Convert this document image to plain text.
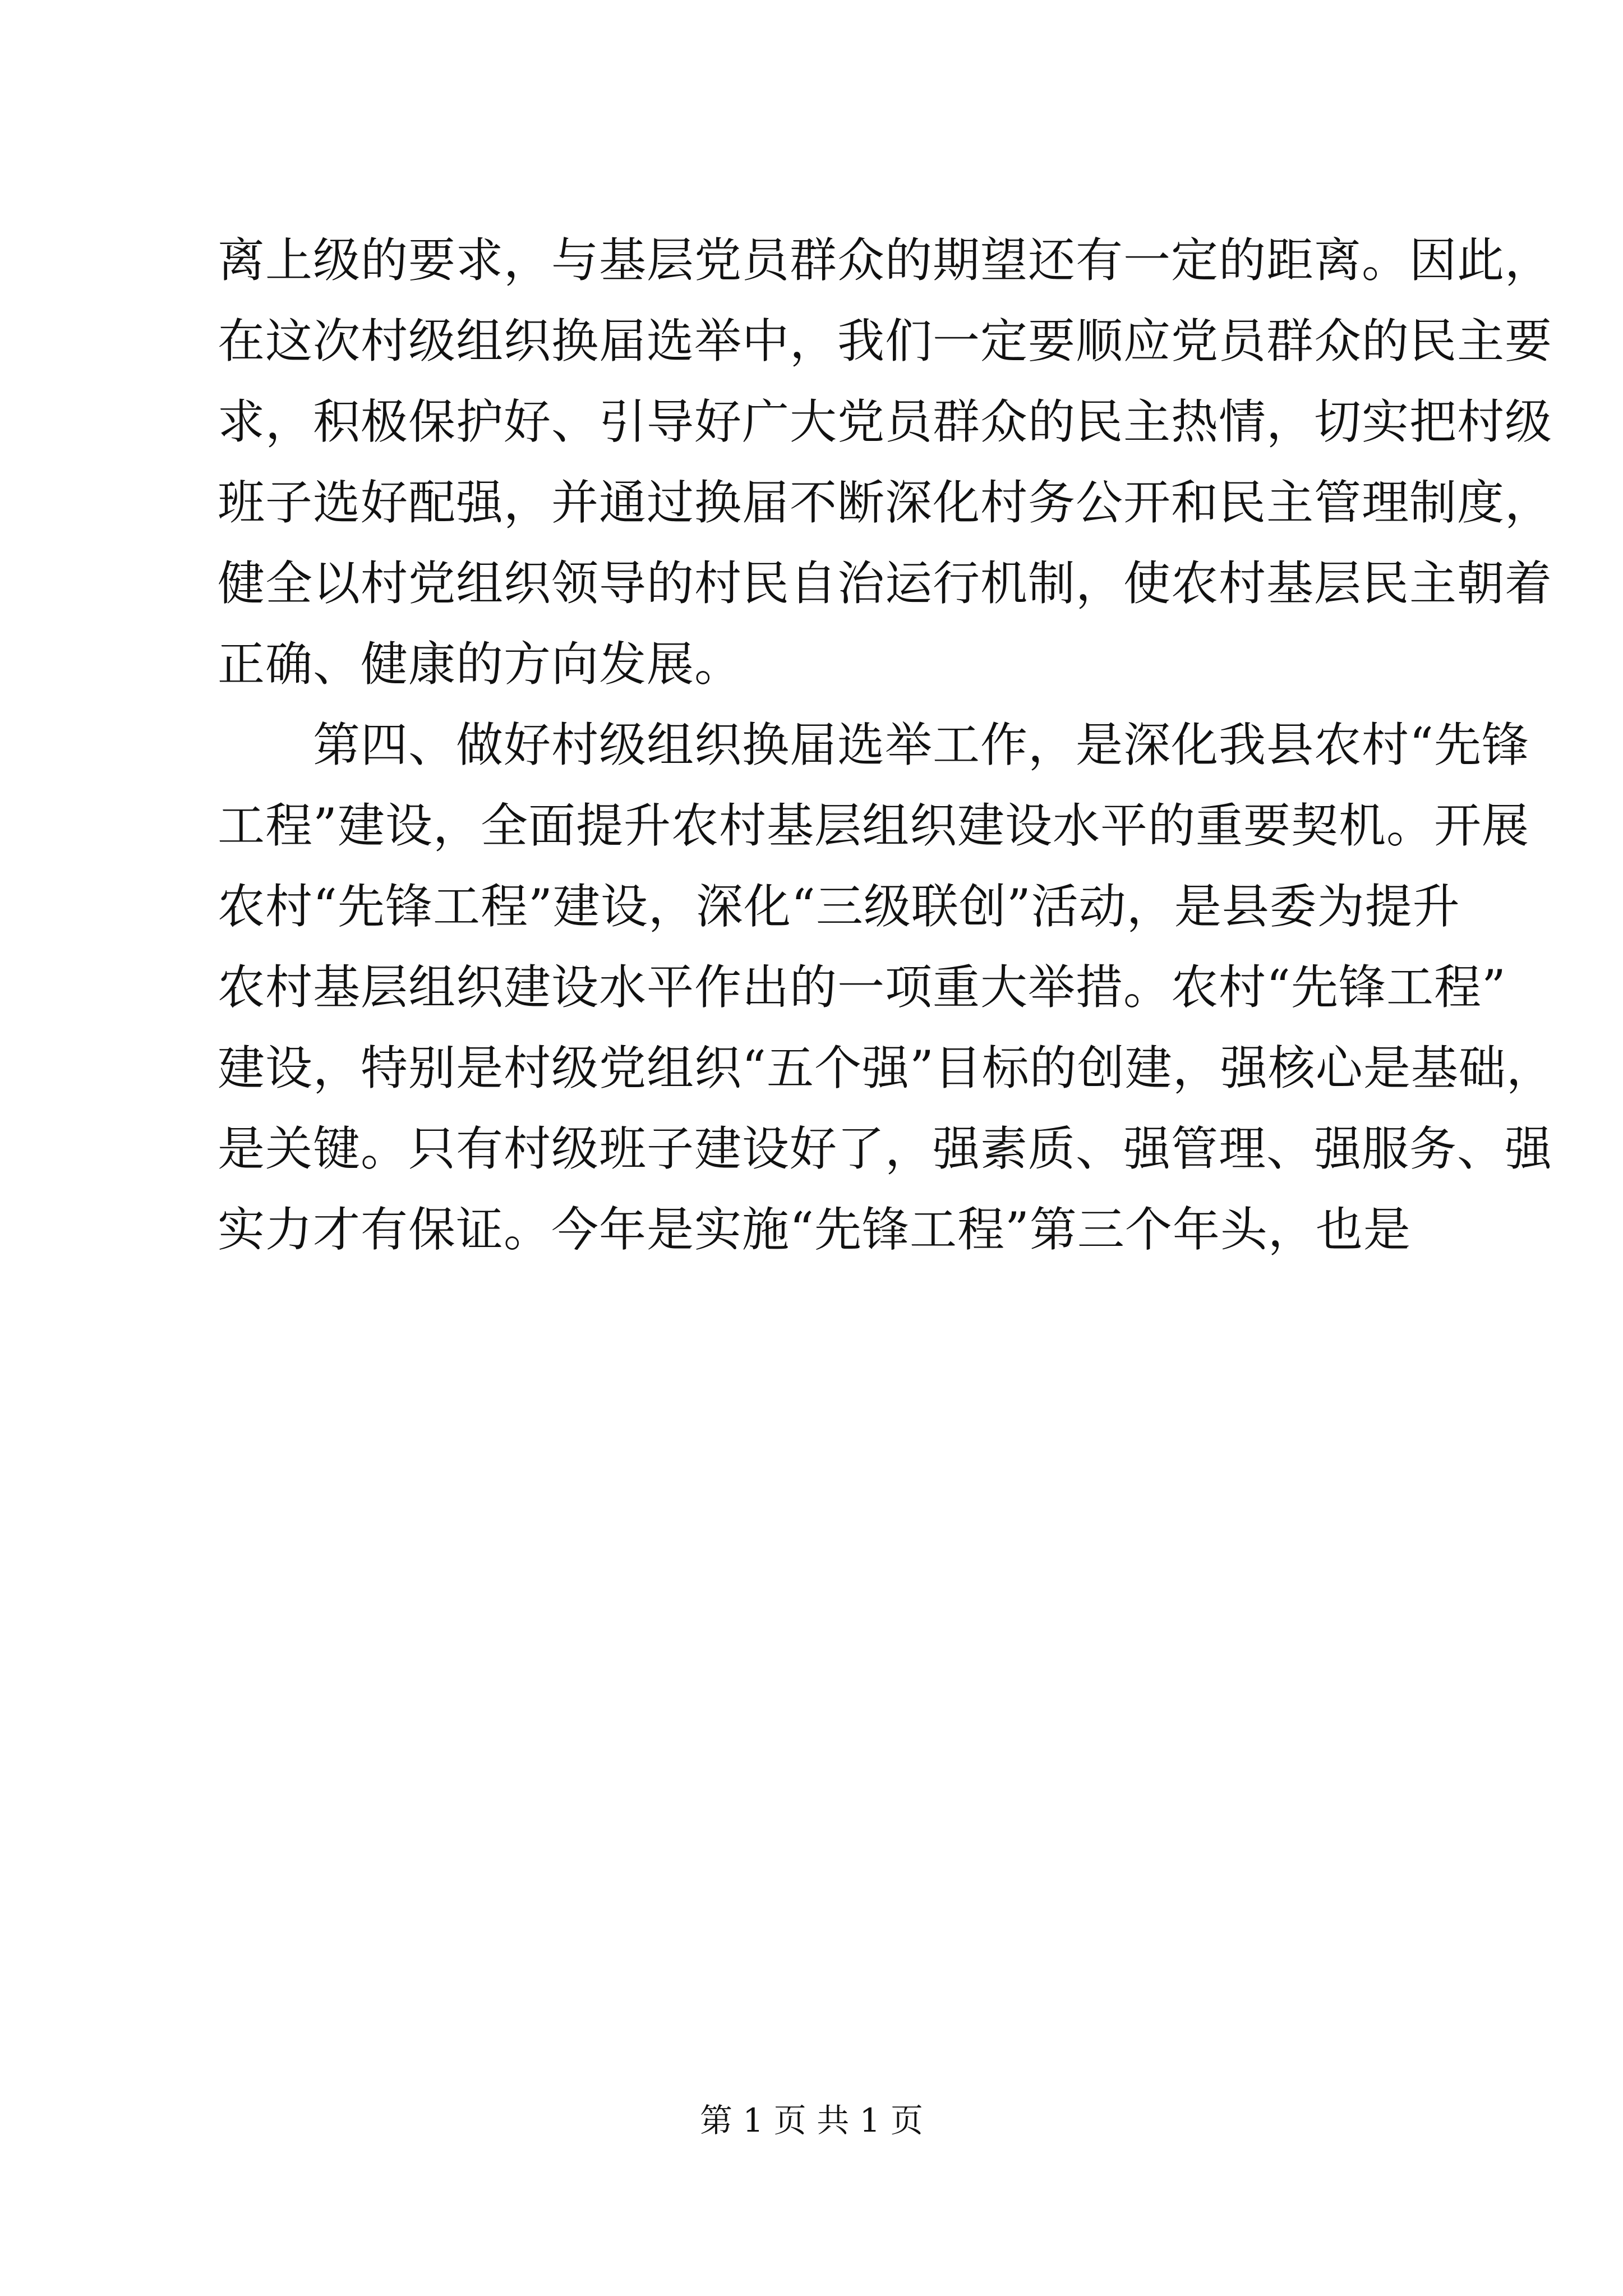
离上级的要求，与基层党员群众的期望还有一定的距离。因此，
在这次村级组织换届选举中，我们一定要顺应党员群众的民主要
求，积极保护好、引导好广大党员群众的民主热情，切实把村级
班子选好配强，并通过换届不断深化村务公开和民主管理制度，
健全以村党组织领导的村民自治运行机制，使农村基层民主朝着
正确、健康的方向发展。
　　第四、做好村级组织换届选举工作，是深化我县农村“先锋
工程”建设，全面提升农村基层组织建设水平的重要契机。开展
农村“先锋工程”建设，深化“三级联创”活动，是县委为提升
农村基层组织建设水平作出的一项重大举措。农村“先锋工程”
建设，特别是村级党组织“五个强”目标的创建，强核心是基础，
是关键。只有村级班子建设好了，强素质、强管理、强服务、强
实力才有保证。今年是实施“先锋工程”第三个年头，也是
第 1 页 共 1 页
